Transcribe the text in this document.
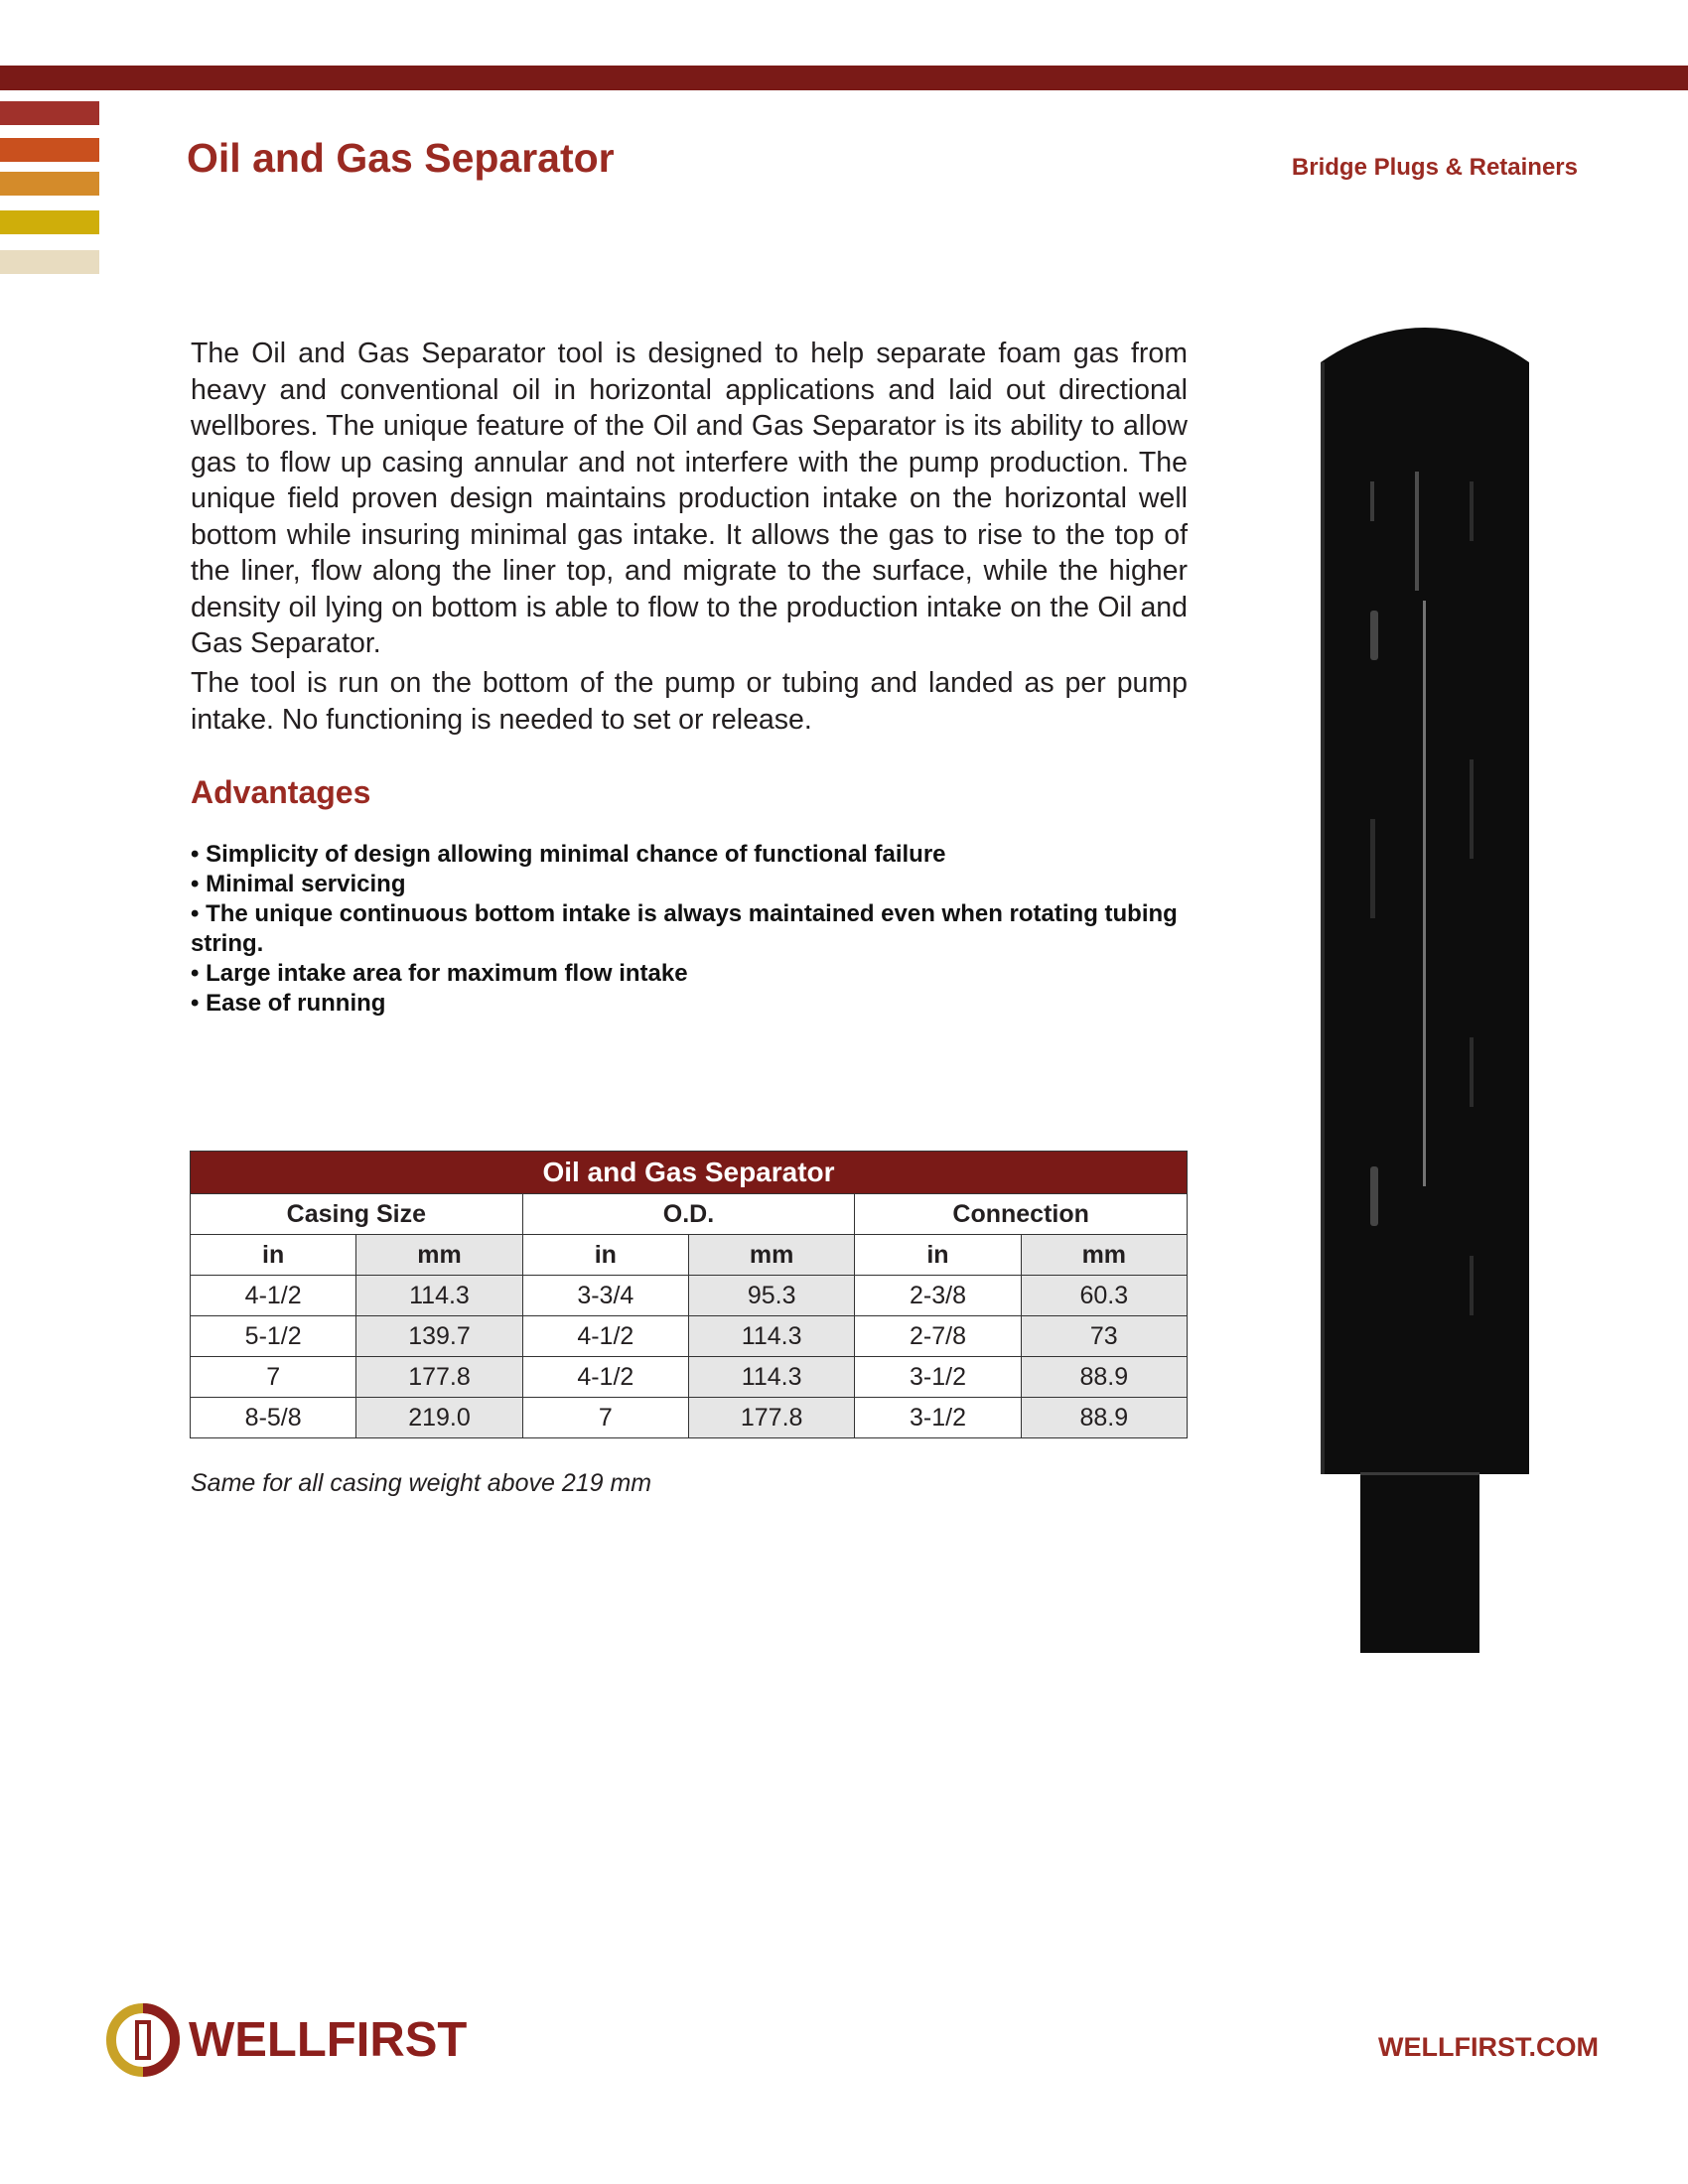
Oil and Gas Separator	Bridge Plugs & Retainers

The Oil and Gas Separator tool is designed to help separate foam gas from heavy and conventional oil in horizontal applications and laid out directional wellbores. The unique feature of the Oil and Gas Separator is its ability to allow gas to flow up casing annular and not interfere with the pump production. The unique field proven design maintains production intake on the horizontal well bottom while insuring minimal gas intake. It allows the gas to rise to the top of the liner, flow along the liner top, and migrate to the surface, while the higher density oil lying on bottom is able to flow to the production intake on the Oil and Gas Separator.

The tool is run on the bottom of the pump or tubing and landed as per pump intake. No functioning is needed to set or release.

Advantages
• Simplicity of design allowing minimal chance of functional failure
• Minimal servicing
• The unique continuous bottom intake is always maintained even when rotating tubing string.
• Large intake area for maximum flow intake
• Ease of running
Oil and Gas Separator					
Casing Size		O.D.		Connection	
in	mm	in	mm	in	mm
4-1/2	114.3	3-3/4	95.3	2-3/8	60.3
5-1/2	139.7	4-1/2	114.3	2-7/8	73
7	177.8	4-1/2	114.3	3-1/2	88.9
8-5/8	219.0	7	177.8	3-1/2	88.9
Same for all casing weight above 219 mm
WELLFIRST	WELLFIRST.COM
